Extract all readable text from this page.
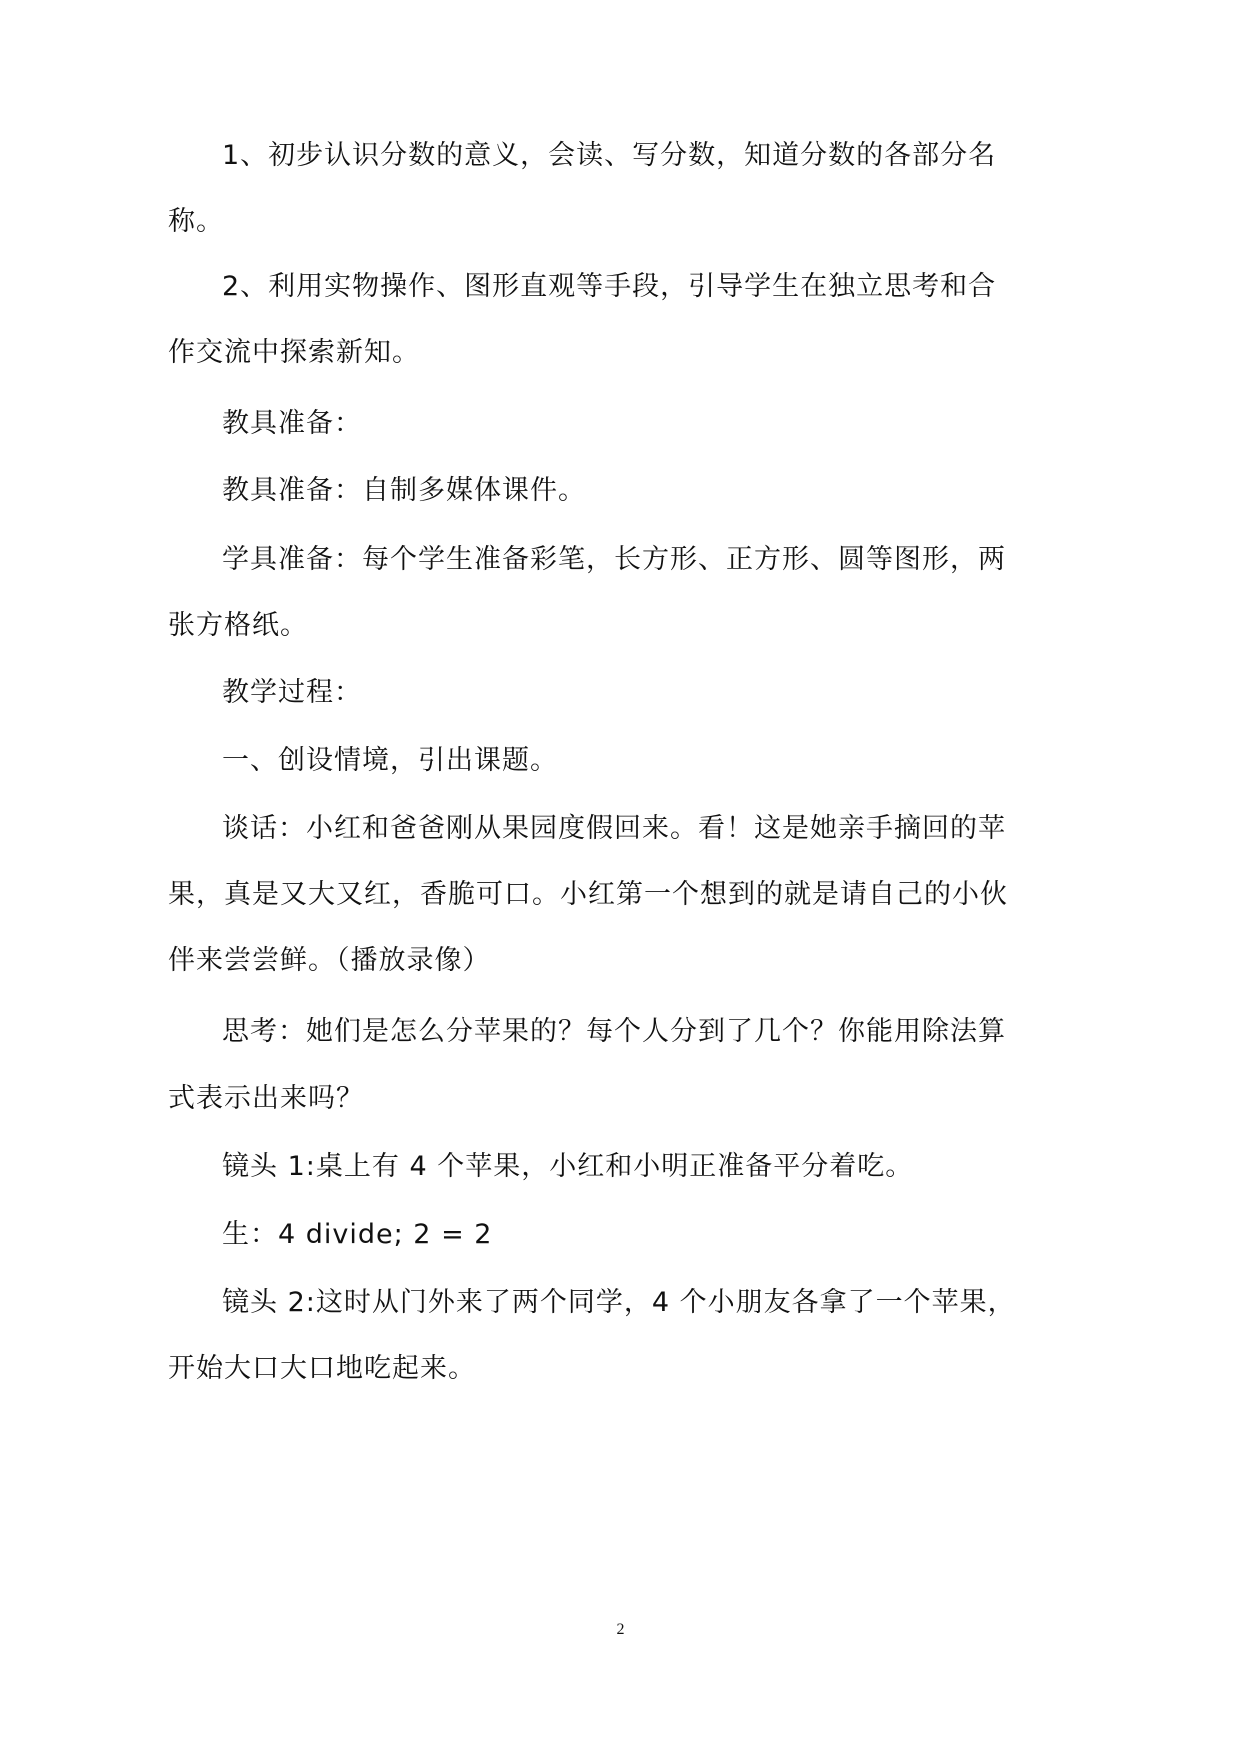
1、初步认识分数的意义，会读、写分数，知道分数的各部分名
称。
2、利用实物操作、图形直观等手段，引导学生在独立思考和合
作交流中探索新知。
教具准备：
教具准备：自制多媒体课件。
学具准备：每个学生准备彩笔，长方形、正方形、圆等图形，两
张方格纸。
教学过程：
一、创设情境，引出课题。
谈话：小红和爸爸刚从果园度假回来。看！这是她亲手摘回的苹
果，真是又大又红，香脆可口。小红第一个想到的就是请自己的小伙
伴来尝尝鲜。（播放录像）
思考：她们是怎么分苹果的？每个人分到了几个？你能用除法算
式表示出来吗？
镜头 1:桌上有 4 个苹果，小红和小明正准备平分着吃。
生：4 divide; 2 = 2
镜头 2:这时从门外来了两个同学，4 个小朋友各拿了一个苹果，
开始大口大口地吃起来。
2
